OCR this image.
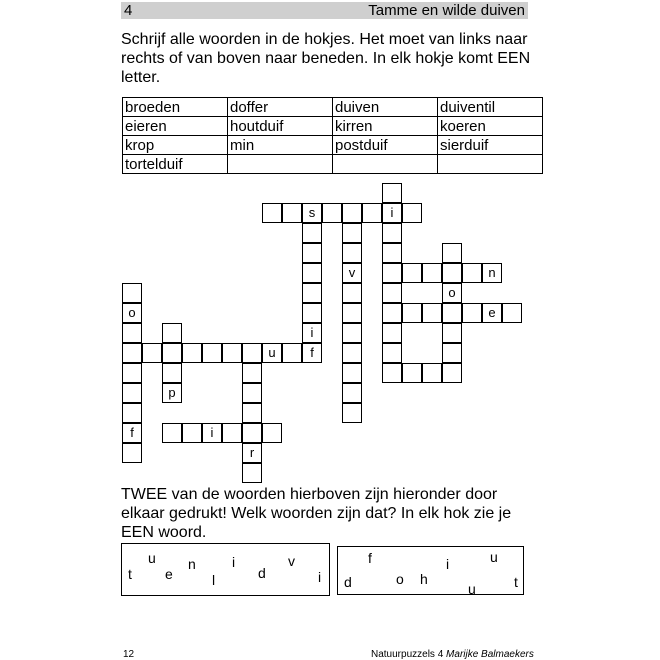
4	Tamme en wilde duiven

Schrijf alle woorden in de hokjes. Het moet van links naar rechts of van boven naar beneden. In elk hokje komt EEN letter.

broeden	doffer	duiven	duiventil
eieren	houtduif	kirren	koeren
krop	min	postduif	sierduif
tortelduif			
s	i
i
f
v	n
e
o
o
f
u
p
r
i

TWEE van de woorden hierboven zijn hieronder door elkaar gedrukt! Welk woorden zijn dat? In elk hok zie je EEN woord.

t
u
e
n
l
i
d
v
i d
f
o h
i
u
u
t
12	Natuurpuzzels 4 Marijke Balmaekers
